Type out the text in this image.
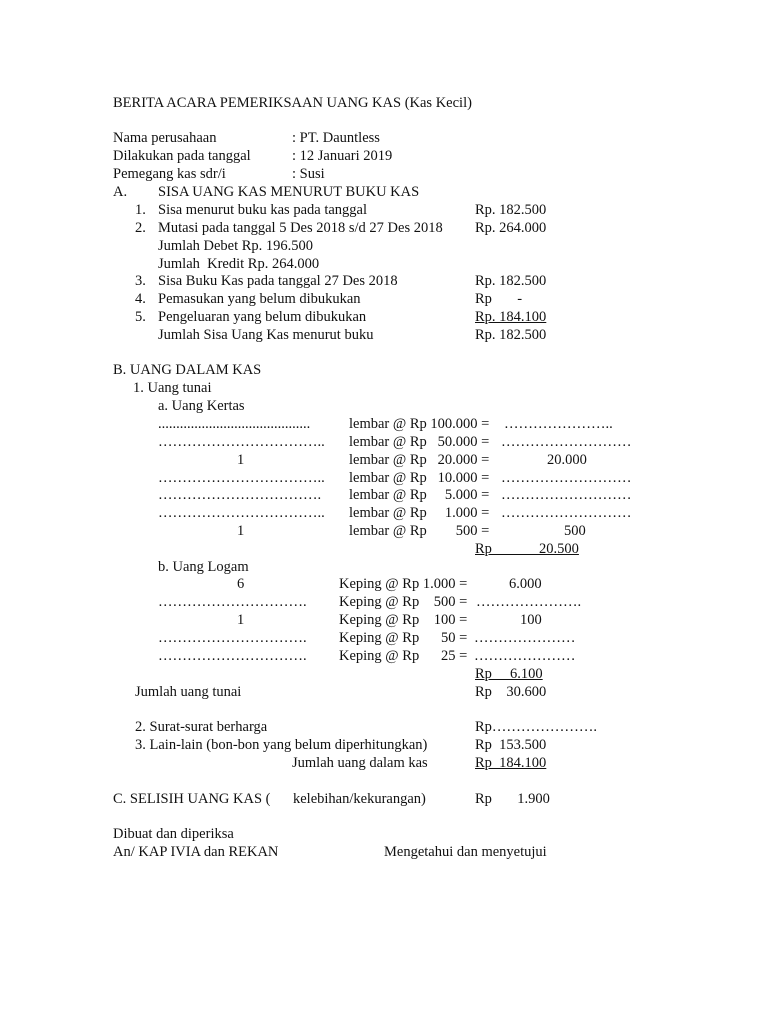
BERITA ACARA PEMERIKSAAN UANG KAS (Kas Kecil)
Nama perusahaan	: PT. Dauntless
Dilakukan pada tanggal	: 12 Januari 2019
Pemegang kas sdr/i	: Susi
A. SISA UANG KAS MENURUT BUKU KAS
1. Sisa menurut buku kas pada tanggal	Rp. 182.500
2. Mutasi pada tanggal 5 Des 2018 s/d 27 Des 2018 Rp. 264.000
Jumlah Debet Rp. 196.500
Jumlah  Kredit Rp. 264.000
3. Sisa Buku Kas pada tanggal 27 Des 2018	Rp. 182.500
4. Pemasukan yang belum dibukukan	Rp       -
5. Pengeluaran yang belum dibukukan	Rp. 184.100
Jumlah Sisa Uang Kas menurut buku	Rp. 182.500
B. UANG DALAM KAS
1. Uang tunai
a. Uang Kertas
..........................................	lembar @ Rp 100.000 = …………………..
…………………………….. lembar @ Rp   50.000 = ………………………
1	lembar @ Rp   20.000 =	20.000
…………………………….. lembar @ Rp   10.000 = ………………………
……………………………. lembar @ Rp     5.000 = ………………………
…………………………….. lembar @ Rp     1.000 = ………………………
1	lembar @ Rp        500 =	500
Rp             20.500
b. Uang Logam
6	Keping @ Rp 1.000 =	6.000
…………………………. Keping @ Rp    500 = ………………….
1	Keping @ Rp    100 =	100
…………………………. Keping @ Rp      50 = …………………
…………………………. Keping @ Rp      25 = …………………
Rp     6.100
Jumlah uang tunai	Rp    30.600
2. Surat-surat berharga	Rp………………….
3. Lain-lain (bon-bon yang belum diperhitungkan)	Rp  153.500
Jumlah uang dalam kas	Rp  184.100
C. SELISIH UANG KAS ( kelebihan/kekurangan)	Rp       1.900
Dibuat dan diperiksa
An/ KAP IVIA dan REKAN	Mengetahui dan menyetujui
